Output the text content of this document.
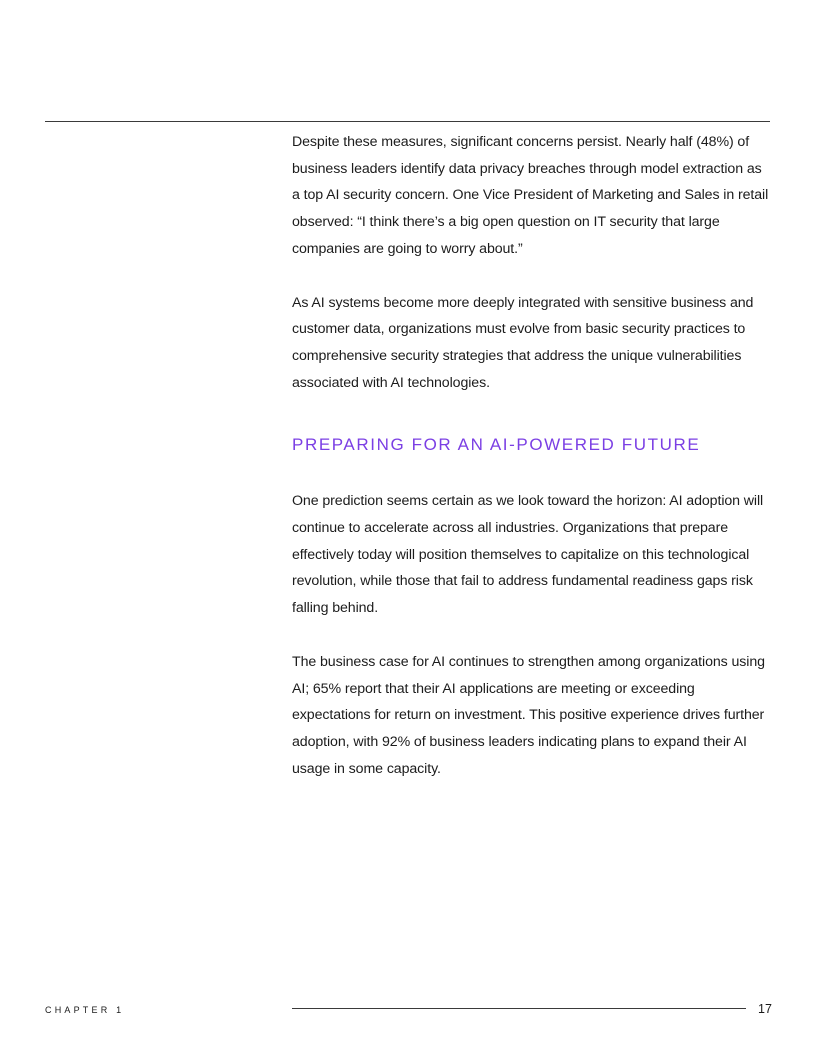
Despite these measures, significant concerns persist. Nearly half (48%) of business leaders identify data privacy breaches through model extraction as a top AI security concern. One Vice President of Marketing and Sales in retail observed: “I think there’s a big open question on IT security that large companies are going to worry about.”

As AI systems become more deeply integrated with sensitive business and customer data, organizations must evolve from basic security practices to comprehensive security strategies that address the unique vulnerabilities associated with AI technologies.

PREPARING FOR AN AI-POWERED FUTURE

One prediction seems certain as we look toward the horizon: AI adoption will continue to accelerate across all industries. Organizations that prepare effectively today will position themselves to capitalize on this technological revolution, while those that fail to address fundamental readiness gaps risk falling behind.

The business case for AI continues to strengthen among organizations using AI; 65% report that their AI applications are meeting or exceeding expectations for return on investment. This positive experience drives further adoption, with 92% of business leaders indicating plans to expand their AI usage in some capacity.

CHAPTER 1	17
